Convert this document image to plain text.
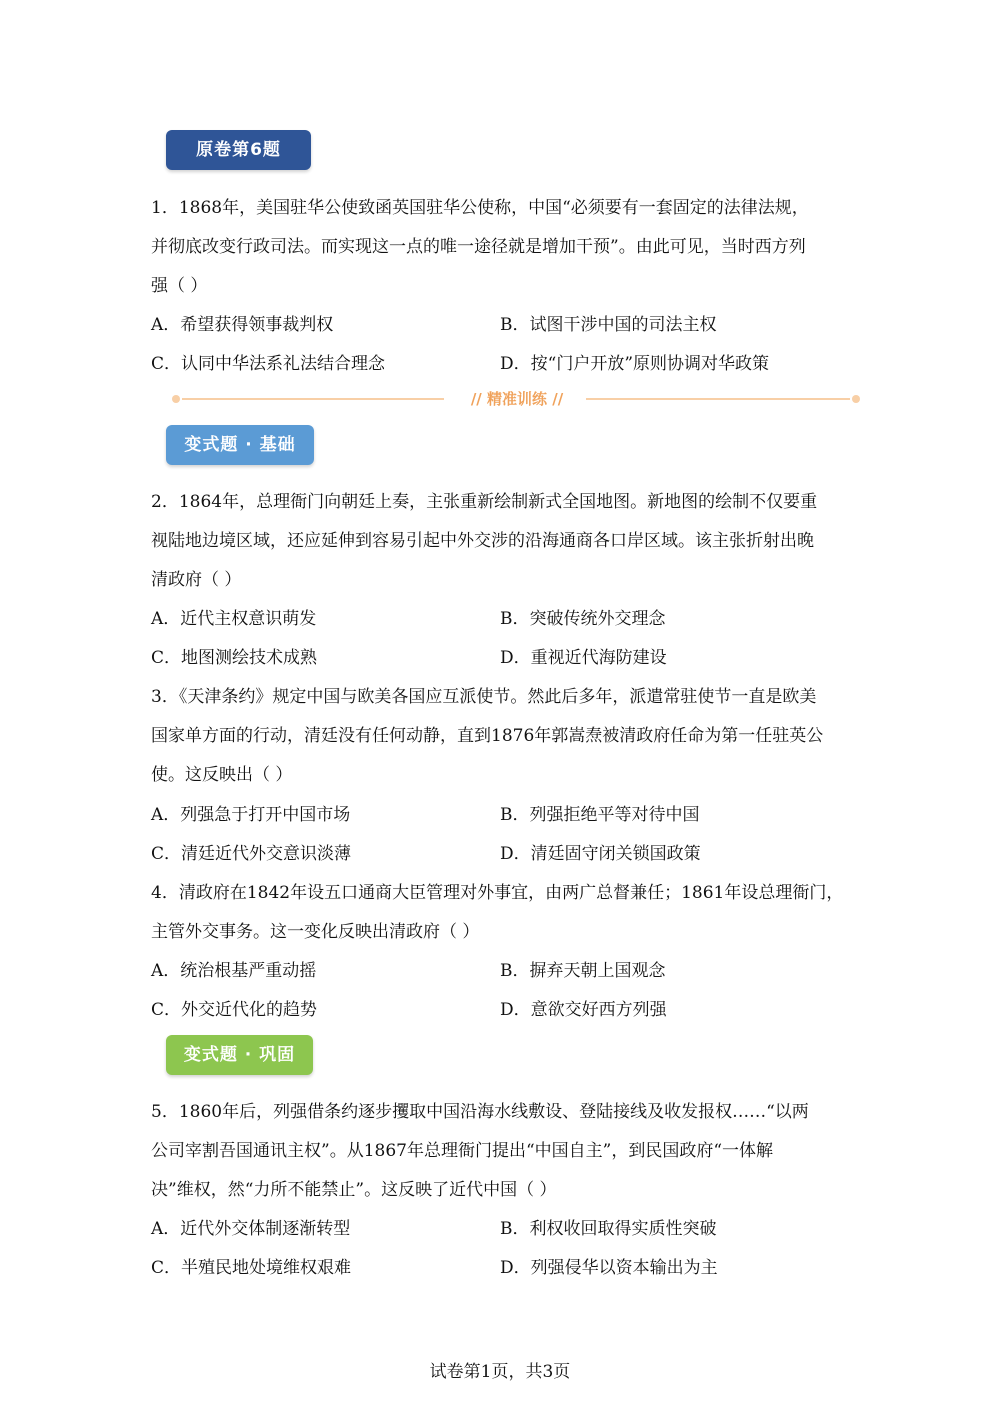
原卷第6题
1．1868年，美国驻华公使致函英国驻华公使称，中国“必须要有一套固定的法律法规，
并彻底改变行政司法。而实现这一点的唯一途径就是增加干预”。由此可见，当时西方列
强（ ）
A．希望获得领事裁判权	B．试图干涉中国的司法主权
C．认同中华法系礼法结合理念	D．按“门户开放”原则协调对华政策
// 精准训练 //
变式题 · 基础
2．1864年，总理衙门向朝廷上奏，主张重新绘制新式全国地图。新地图的绘制不仅要重
视陆地边境区域，还应延伸到容易引起中外交涉的沿海通商各口岸区域。该主张折射出晚
清政府（ ）
A．近代主权意识萌发	B．突破传统外交理念
C．地图测绘技术成熟	D．重视近代海防建设
3．《天津条约》规定中国与欧美各国应互派使节。然此后多年，派遣常驻使节一直是欧美
国家单方面的行动，清廷没有任何动静，直到1876年郭嵩焘被清政府任命为第一任驻英公
使。这反映出（ ）
A．列强急于打开中国市场	B．列强拒绝平等对待中国
C．清廷近代外交意识淡薄	D．清廷固守闭关锁国政策
4．清政府在1842年设五口通商大臣管理对外事宜，由两广总督兼任；1861年设总理衙门，
主管外交事务。这一变化反映出清政府（ ）
A．统治根基严重动摇	B．摒弃天朝上国观念
C．外交近代化的趋势	D．意欲交好西方列强
变式题 · 巩固
5．1860年后，列强借条约逐步攫取中国沿海水线敷设、登陆接线及收发报权……“以两
公司宰割吾国通讯主权”。从1867年总理衙门提出“中国自主”，到民国政府“一体解
决”维权，然“力所不能禁止”。这反映了近代中国（ ）
A．近代外交体制逐渐转型	B．利权收回取得实质性突破
C．半殖民地处境维权艰难	D．列强侵华以资本输出为主
试卷第1页，共3页
